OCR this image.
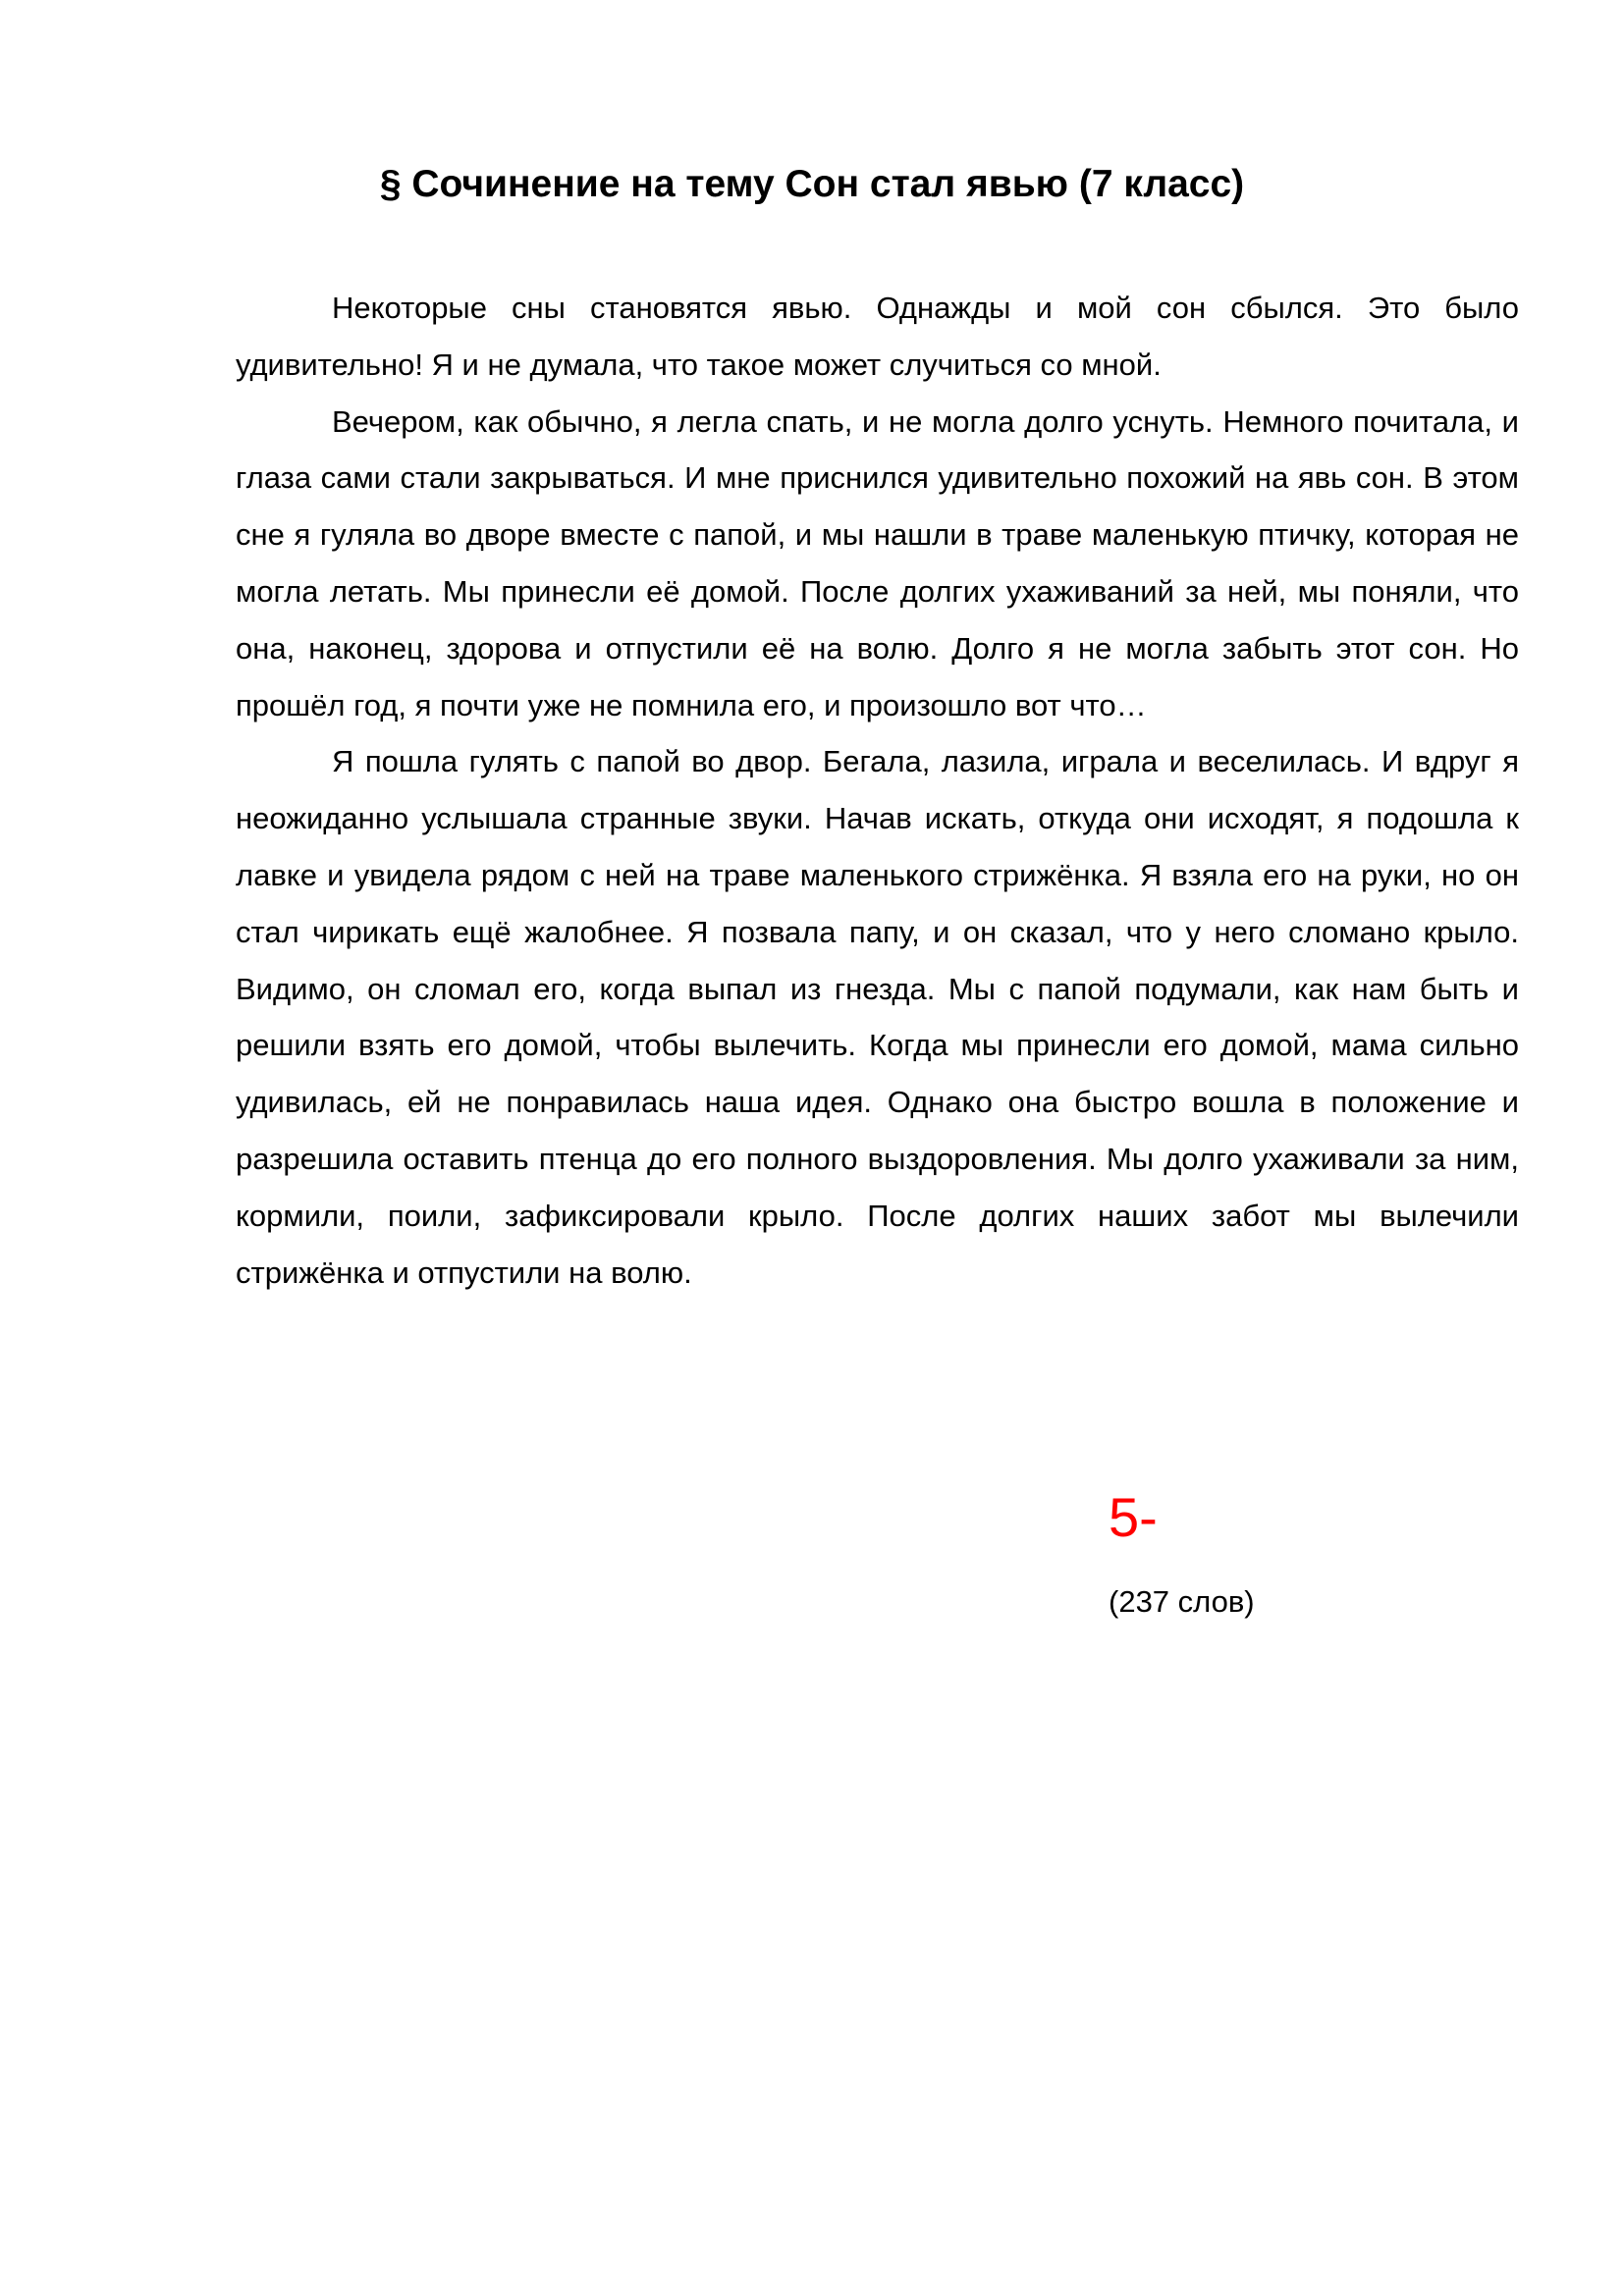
§ Сочинение на тему Сон стал явью (7 класс)

Некоторые сны становятся явью. Однажды и мой сон сбылся. Это было удивительно! Я и не думала, что такое может случиться со мной.

Вечером, как обычно, я легла спать, и не могла долго уснуть. Немного почитала, и глаза сами стали закрываться. И мне приснился удивительно похожий на явь сон. В этом сне я гуляла во дворе вместе с папой, и мы нашли в траве маленькую птичку, которая не могла летать. Мы принесли её домой. После долгих ухаживаний за ней, мы поняли, что она, наконец, здорова и отпустили её на волю. Долго я не могла забыть этот сон. Но прошёл год, я почти уже не помнила его, и произошло вот что…

Я пошла гулять с папой во двор. Бегала, лазила, играла и веселилась. И вдруг я неожиданно услышала странные звуки. Начав искать, откуда они исходят, я подошла к лавке и увидела рядом с ней на траве маленького стрижёнка. Я взяла его на руки, но он стал чирикать ещё жалобнее. Я позвала папу, и он сказал, что у него сломано крыло. Видимо, он сломал его, когда выпал из гнезда. Мы с папой подумали, как нам быть и решили взять его домой, чтобы вылечить. Когда мы принесли его домой, мама сильно удивилась, ей не понравилась наша идея. Однако она быстро вошла в положение и разрешила оставить птенца до его полного выздоровления. Мы долго ухаживали за ним, кормили, поили, зафиксировали крыло. После долгих наших забот мы вылечили стрижёнка и отпустили на волю.

5-
(237 слов)
